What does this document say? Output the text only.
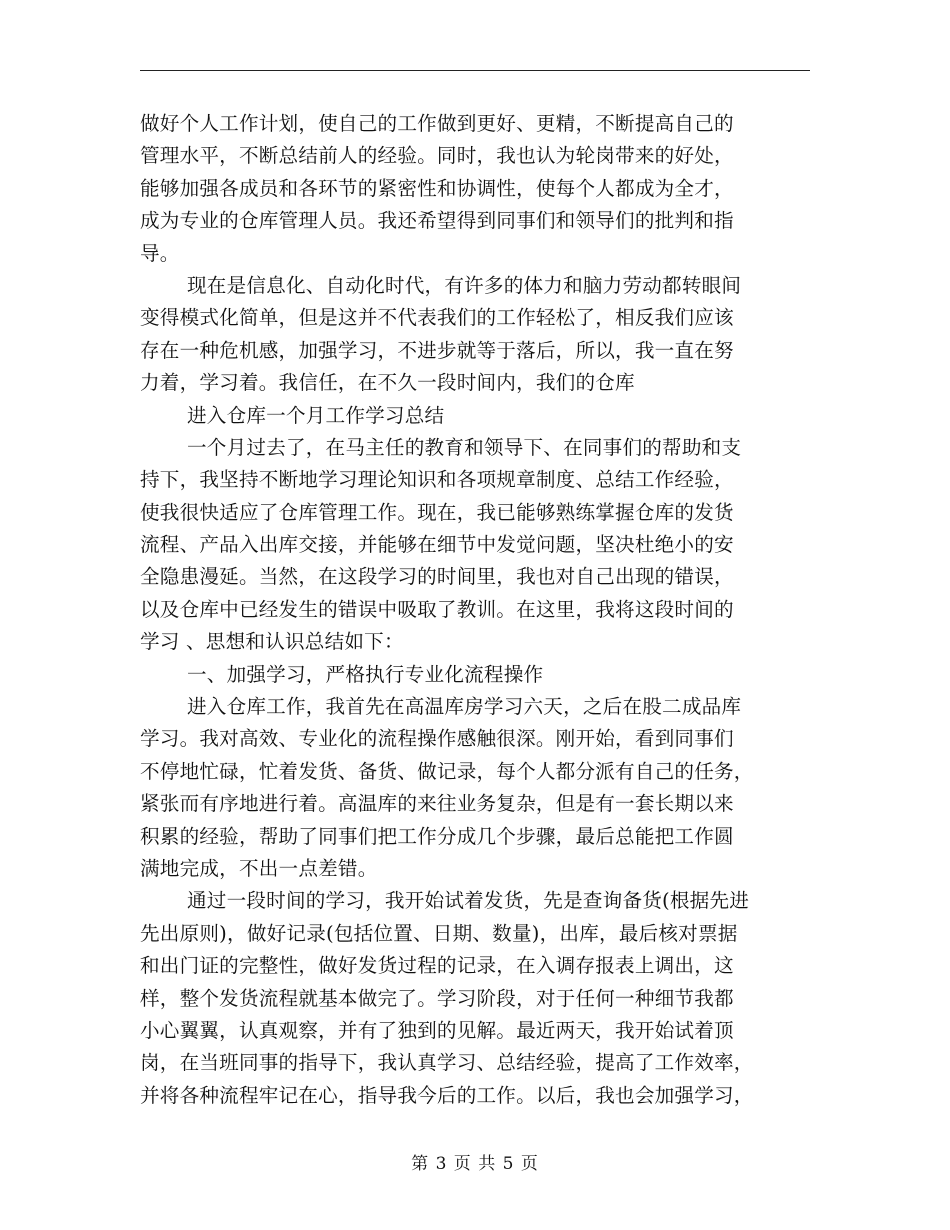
做好个人工作计划，使自己的工作做到更好、更精，不断提高自己的
管理水平，不断总结前人的经验。同时，我也认为轮岗带来的好处，
能够加强各成员和各环节的紧密性和协调性，使每个人都成为全才，
成为专业的仓库管理人员。我还希望得到同事们和领导们的批判和指
导。
现在是信息化、自动化时代，有许多的体力和脑力劳动都转眼间
变得模式化简单，但是这并不代表我们的工作轻松了，相反我们应该
存在一种危机感，加强学习，不进步就等于落后，所以，我一直在努
力着，学习着。我信任，在不久一段时间内，我们的仓库
进入仓库一个月工作学习总结
一个月过去了，在马主任的教育和领导下、在同事们的帮助和支
持下，我坚持不断地学习理论知识和各项规章制度、总结工作经验，
使我很快适应了仓库管理工作。现在，我已能够熟练掌握仓库的发货
流程、产品入出库交接，并能够在细节中发觉问题，坚决杜绝小的安
全隐患漫延。当然，在这段学习的时间里，我也对自己出现的错误，
以及仓库中已经发生的错误中吸取了教训。在这里，我将这段时间的
学习 、思想和认识总结如下：
一、加强学习，严格执行专业化流程操作
进入仓库工作，我首先在高温库房学习六天，之后在股二成品库
学习。我对高效、专业化的流程操作感触很深。刚开始，看到同事们
不停地忙碌，忙着发货、备货、做记录，每个人都分派有自己的任务，
紧张而有序地进行着。高温库的来往业务复杂，但是有一套长期以来
积累的经验，帮助了同事们把工作分成几个步骤，最后总能把工作圆
满地完成，不出一点差错。
通过一段时间的学习，我开始试着发货，先是查询备货(根据先进
先出原则)，做好记录(包括位置、日期、数量)，出库，最后核对票据
和出门证的完整性，做好发货过程的记录，在入调存报表上调出，这
样，整个发货流程就基本做完了。学习阶段，对于任何一种细节我都
小心翼翼，认真观察，并有了独到的见解。最近两天，我开始试着顶
岗，在当班同事的指导下，我认真学习、总结经验，提高了工作效率，
并将各种流程牢记在心，指导我今后的工作。以后，我也会加强学习，
第 3 页 共 5 页
